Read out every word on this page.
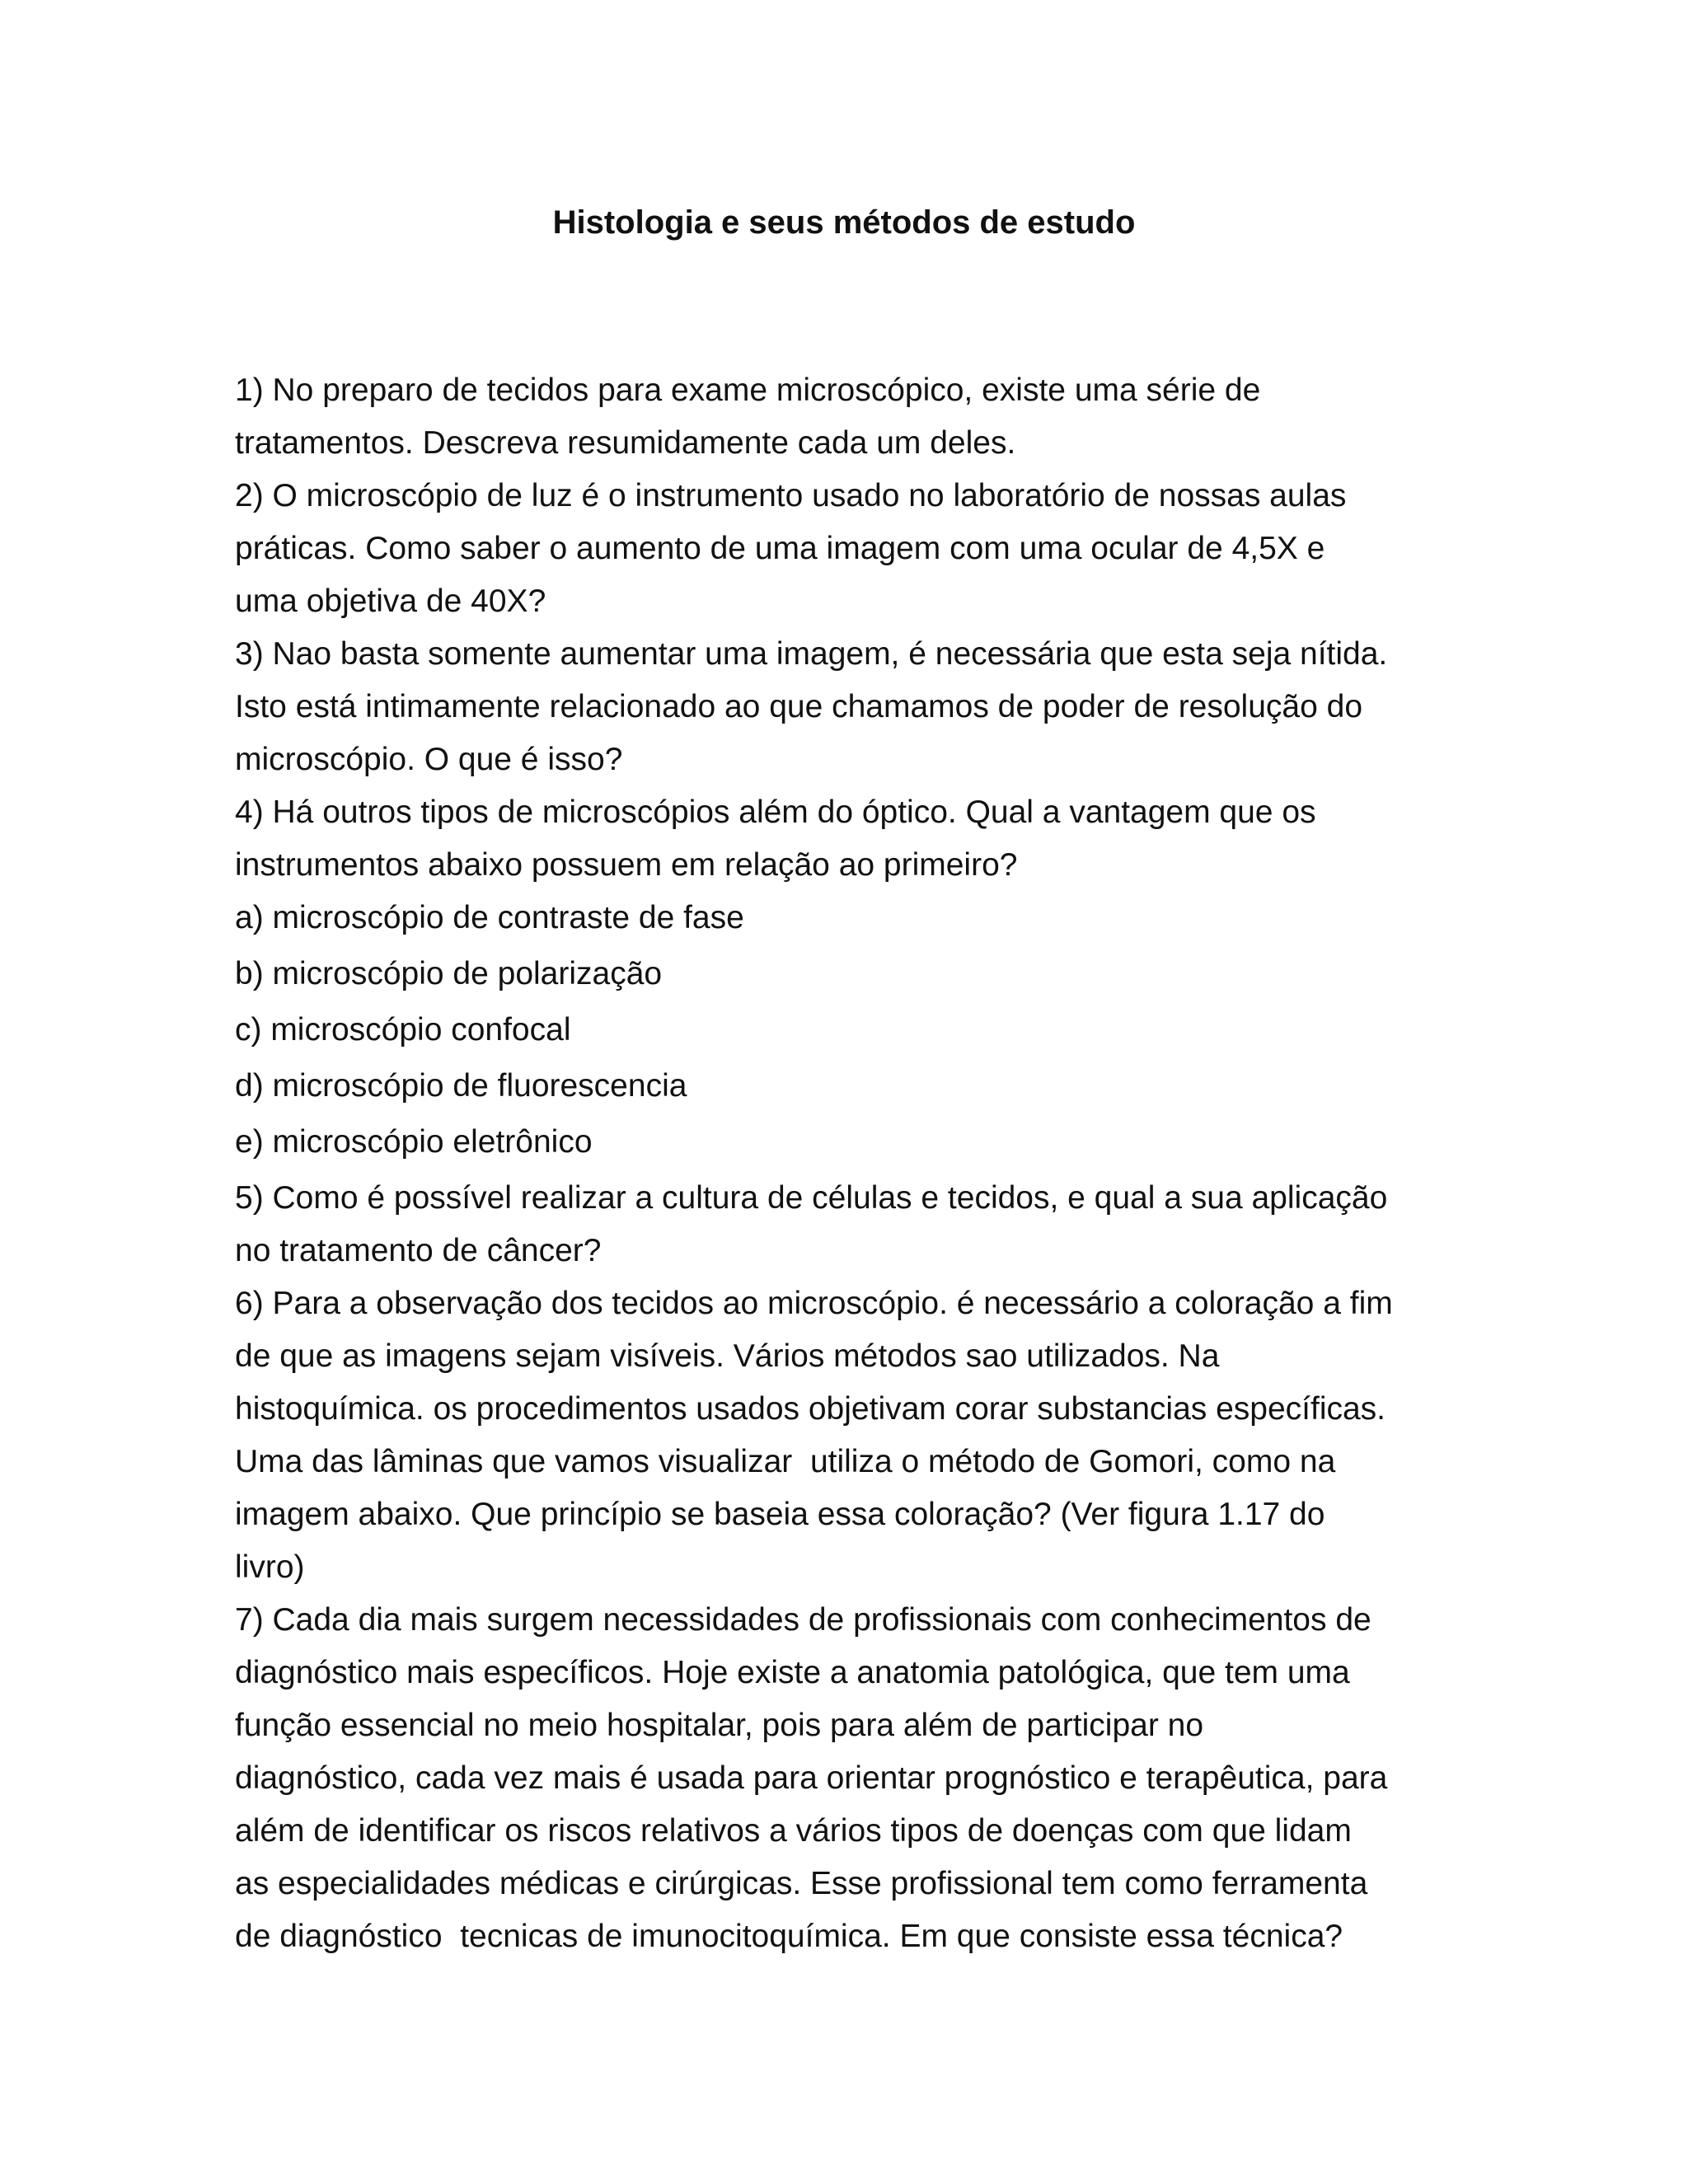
Histologia e seus métodos de estudo
1) No preparo de tecidos para exame microscópico, existe uma série de
tratamentos. Descreva resumidamente cada um deles.
2) O microscópio de luz é o instrumento usado no laboratório de nossas aulas
práticas. Como saber o aumento de uma imagem com uma ocular de 4,5X e
uma objetiva de 40X?
3) Nao basta somente aumentar uma imagem, é necessária que esta seja nítida.
Isto está intimamente relacionado ao que chamamos de poder de resolução do
microscópio. O que é isso?
4) Há outros tipos de microscópios além do óptico. Qual a vantagem que os
instrumentos abaixo possuem em relação ao primeiro?
a) microscópio de contraste de fase
b) microscópio de polarização
c) microscópio confocal
d) microscópio de fluorescencia
e) microscópio eletrônico
5) Como é possível realizar a cultura de células e tecidos, e qual a sua aplicação
no tratamento de câncer?
6) Para a observação dos tecidos ao microscópio. é necessário a coloração a fim
de que as imagens sejam visíveis. Vários métodos sao utilizados. Na
histoquímica. os procedimentos usados objetivam corar substancias específicas.
Uma das lâminas que vamos visualizar  utiliza o método de Gomori, como na
imagem abaixo. Que princípio se baseia essa coloração? (Ver figura 1.17 do
livro)
7) Cada dia mais surgem necessidades de profissionais com conhecimentos de
diagnóstico mais específicos. Hoje existe a anatomia patológica, que tem uma
função essencial no meio hospitalar, pois para além de participar no
diagnóstico, cada vez mais é usada para orientar prognóstico e terapêutica, para
além de identificar os riscos relativos a vários tipos de doenças com que lidam
as especialidades médicas e cirúrgicas. Esse profissional tem como ferramenta
de diagnóstico  tecnicas de imunocitoquímica. Em que consiste essa técnica?
